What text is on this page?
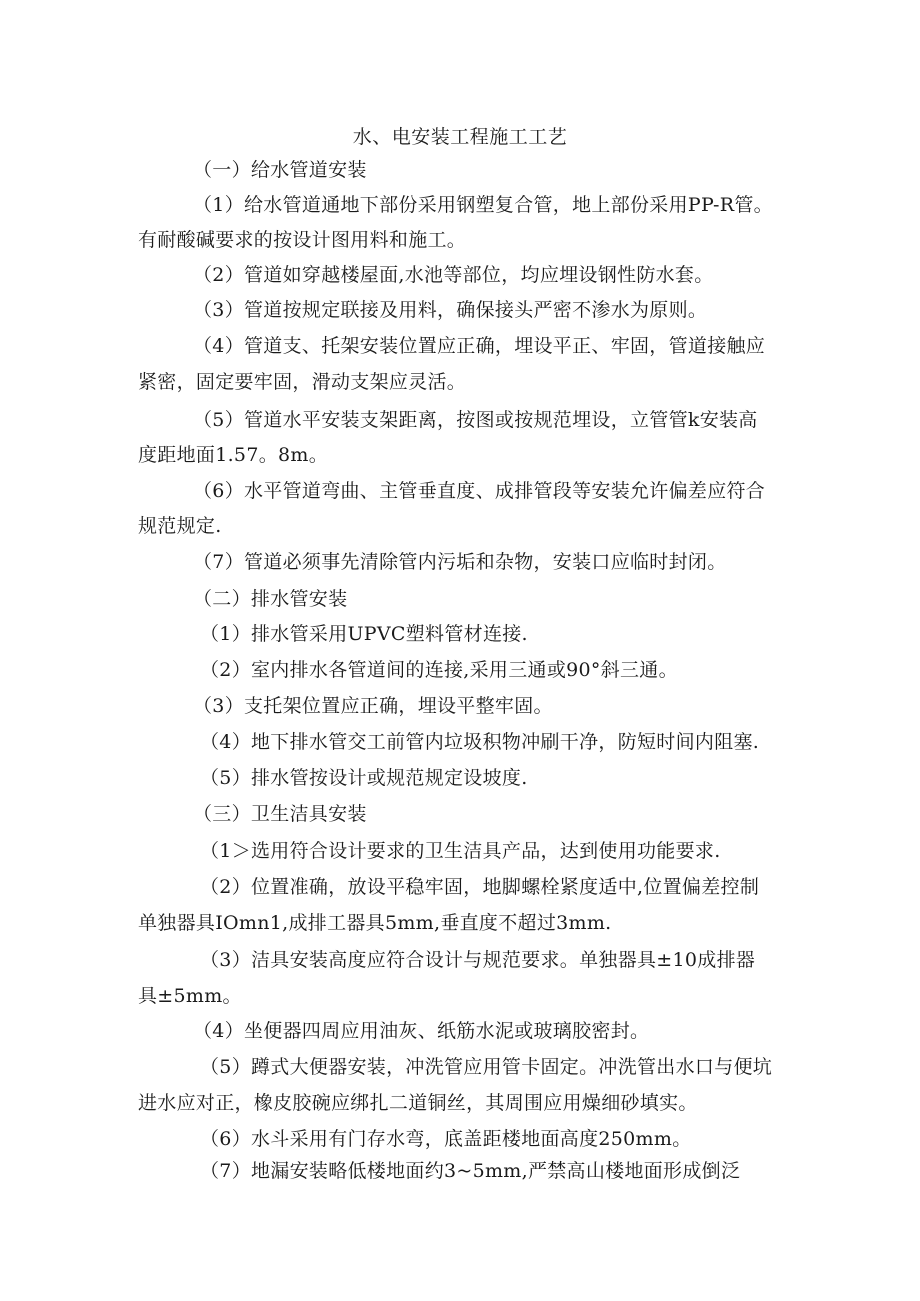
水、电安装工程施工工艺
（一）给水管道安装
（1）给水管道通地下部份采用钢塑复合管，地上部份采用PP-R管。
有耐酸碱要求的按设计图用料和施工。
（2）管道如穿越楼屋面,水池等部位，均应埋设钢性防水套。
（3）管道按规定联接及用料，确保接头严密不渗水为原则。
（4）管道支、托架安装位置应正确，埋设平正、牢固，管道接触应
紧密，固定要牢固，滑动支架应灵活。
（5）管道水平安装支架距离，按图或按规范埋设，立管管k安装高
度距地面1.57。8m。
（6）水平管道弯曲、主管垂直度、成排管段等安装允许偏差应符合
规范规定.
（7）管道必须事先清除管内污垢和杂物，安装口应临时封闭。
（二）排水管安装
（1）排水管采用UPVC塑料管材连接.
（2）室内排水各管道间的连接,采用三通或90°斜三通。
（3）支托架位置应正确，埋设平整牢固。
（4）地下排水管交工前管内垃圾积物冲刷干净，防短时间内阻塞.
（5）排水管按设计或规范规定设坡度.
（三）卫生洁具安装
（1＞选用符合设计要求的卫生洁具产品，达到使用功能要求.
（2）位置准确，放设平稳牢固，地脚螺栓紧度适中,位置偏差控制
单独器具IOmn1,成排工器具5mm,垂直度不超过3mm.
（3）洁具安装高度应符合设计与规范要求。单独器具±10成排器
具±5mm。
（4）坐便器四周应用油灰、纸筋水泥或玻璃胶密封。
（5）蹲式大便器安装，冲洗管应用管卡固定。冲洗管出水口与便坑
进水应对正，橡皮胶碗应绑扎二道铜丝，其周围应用燥细砂填实。
（6）水斗采用有门存水弯，底盖距楼地面高度250mm。
（7）地漏安装略低楼地面约3~5mm,严禁高山楼地面形成倒泛
